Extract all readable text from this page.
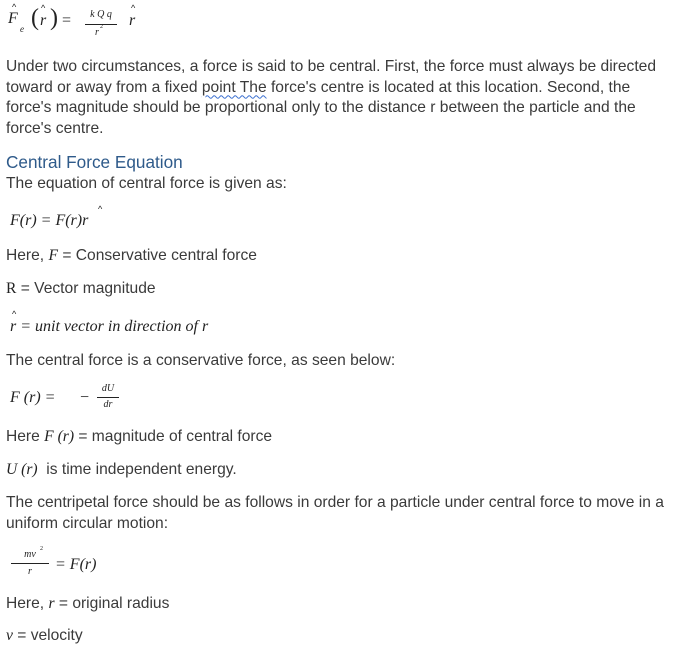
F
^
e ( r
^ ) =	k Q q
r 2 r
^

Under two circumstances, a force is said to be central. First, the force must always be directed toward or away from a fixed point The force's centre is located at this location. Second, the force's magnitude should be proportional only to the distance r between the particle and the force's centre.

Central Force Equation
The equation of central force is given as:
F(r) = F(r)r
^
Here, F = Conservative central force
R = Vector magnitude
r = unit vector in direction of r
^
The central force is a conservative force, as seen below:
F (r) = −
dU
dr
Here F (r) = magnitude of central force
U (r)  is time independent energy.

The centripetal force should be as follows in order for a particle under central force to move in a uniform circular motion:

mv 2
r	= F(r)
Here, r = original radius
v = velocity
